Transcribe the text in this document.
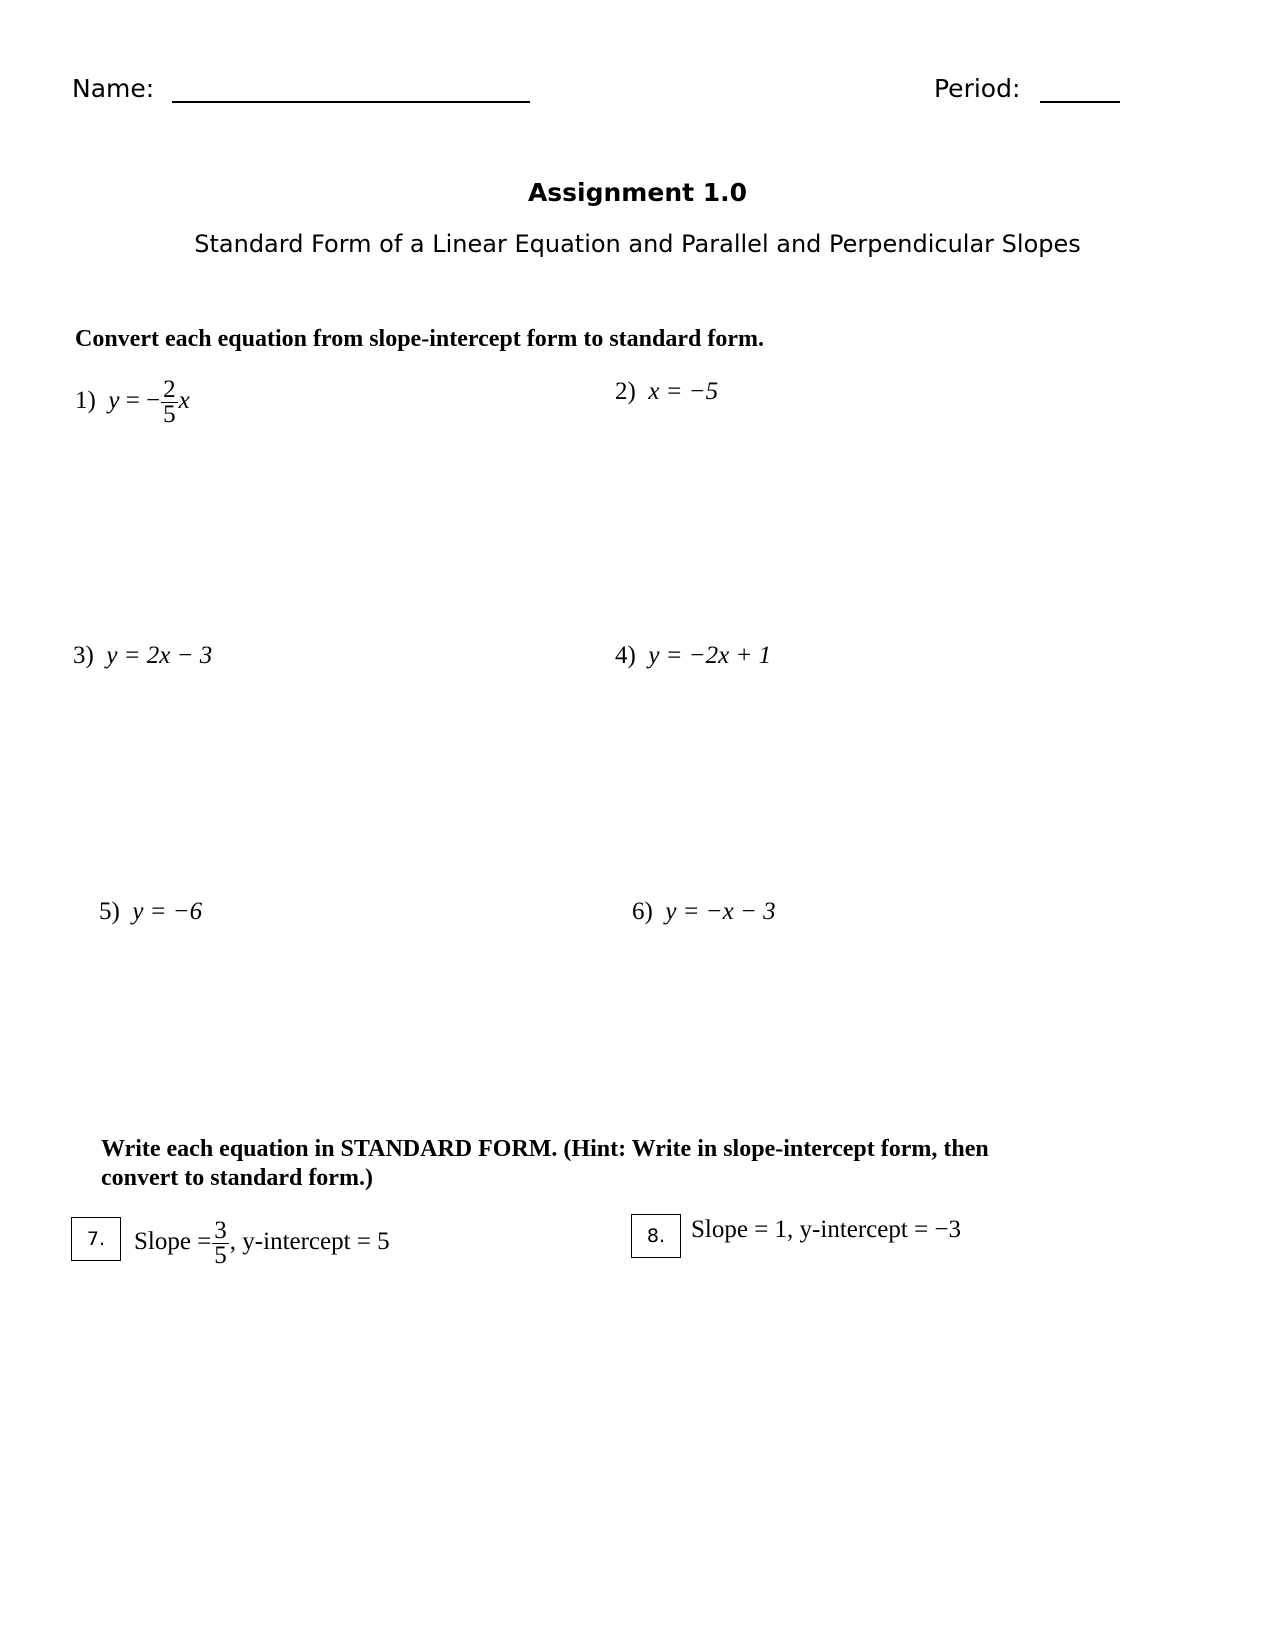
Name:	Period:
Assignment 1.0
Standard Form of a Linear Equation and Parallel and Perpendicular Slopes
Convert each equation from slope-intercept form to standard form.
1) y = − $\frac{2}{5}$ x	2) x = −5
3) y = 2x − 3	4) y = −2x + 1
5) y = −6	6) y = −x − 3
Write each equation in STANDARD FORM. (Hint: Write in slope-intercept form, then convert to standard form.)
7. Slope = $\frac{3}{5}$ , y-intercept = 5	8. Slope = 1, y-intercept = −3
